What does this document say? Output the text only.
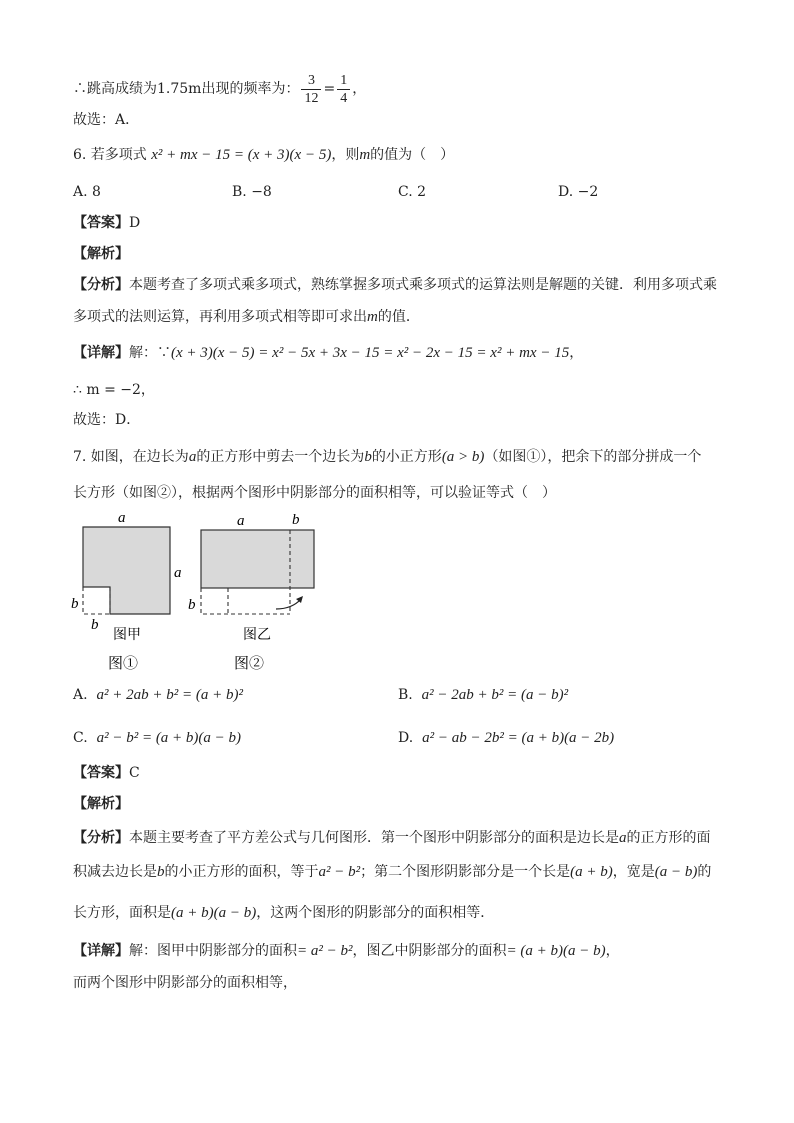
∴跳高成绩为1.75m出现的频率为： $\frac{3}{12} = \frac{1}{4}$ ，
故选：A．
6. 若多项式 x² + mx − 15 = (x + 3)(x − 5)，则m的值为（　）
A. 8	B. −8	C. 2	D. −2
【答案】D
【解析】
【分析】本题考查了多项式乘多项式，熟练掌握多项式乘多项式的运算法则是解题的关键．利用多项式乘
多项式的法则运算，再利用多项式相等即可求出m的值．
【详解】解：∵(x + 3)(x − 5) = x² − 5x + 3x − 15 = x² − 2x − 15 = x² + mx − 15，
∴ m = −2，
故选：D．
7. 如图，在边长为a的正方形中剪去一个边长为b的小正方形(a > b)（如图①），把余下的部分拼成一个
长方形（如图②），根据两个图形中阴影部分的面积相等，可以验证等式（　）
a
a
b
b
图甲
图①
a	b
b
图乙
图②
A. a² + 2ab + b² = (a + b)²	B. a² − 2ab + b² = (a − b)²
C. a² − b² = (a + b)(a − b)	D. a² − ab − 2b² = (a + b)(a − 2b)
【答案】C
【解析】
【分析】本题主要考查了平方差公式与几何图形．第一个图形中阴影部分的面积是边长是a的正方形的面
积减去边长是b的小正方形的面积，等于a² − b²；第二个图形阴影部分是一个长是(a + b)，宽是(a − b)的
长方形，面积是(a + b)(a − b)，这两个图形的阴影部分的面积相等．
【详解】解：图甲中阴影部分的面积= a² − b²，图乙中阴影部分的面积= (a + b)(a − b)，
而两个图形中阴影部分的面积相等，
